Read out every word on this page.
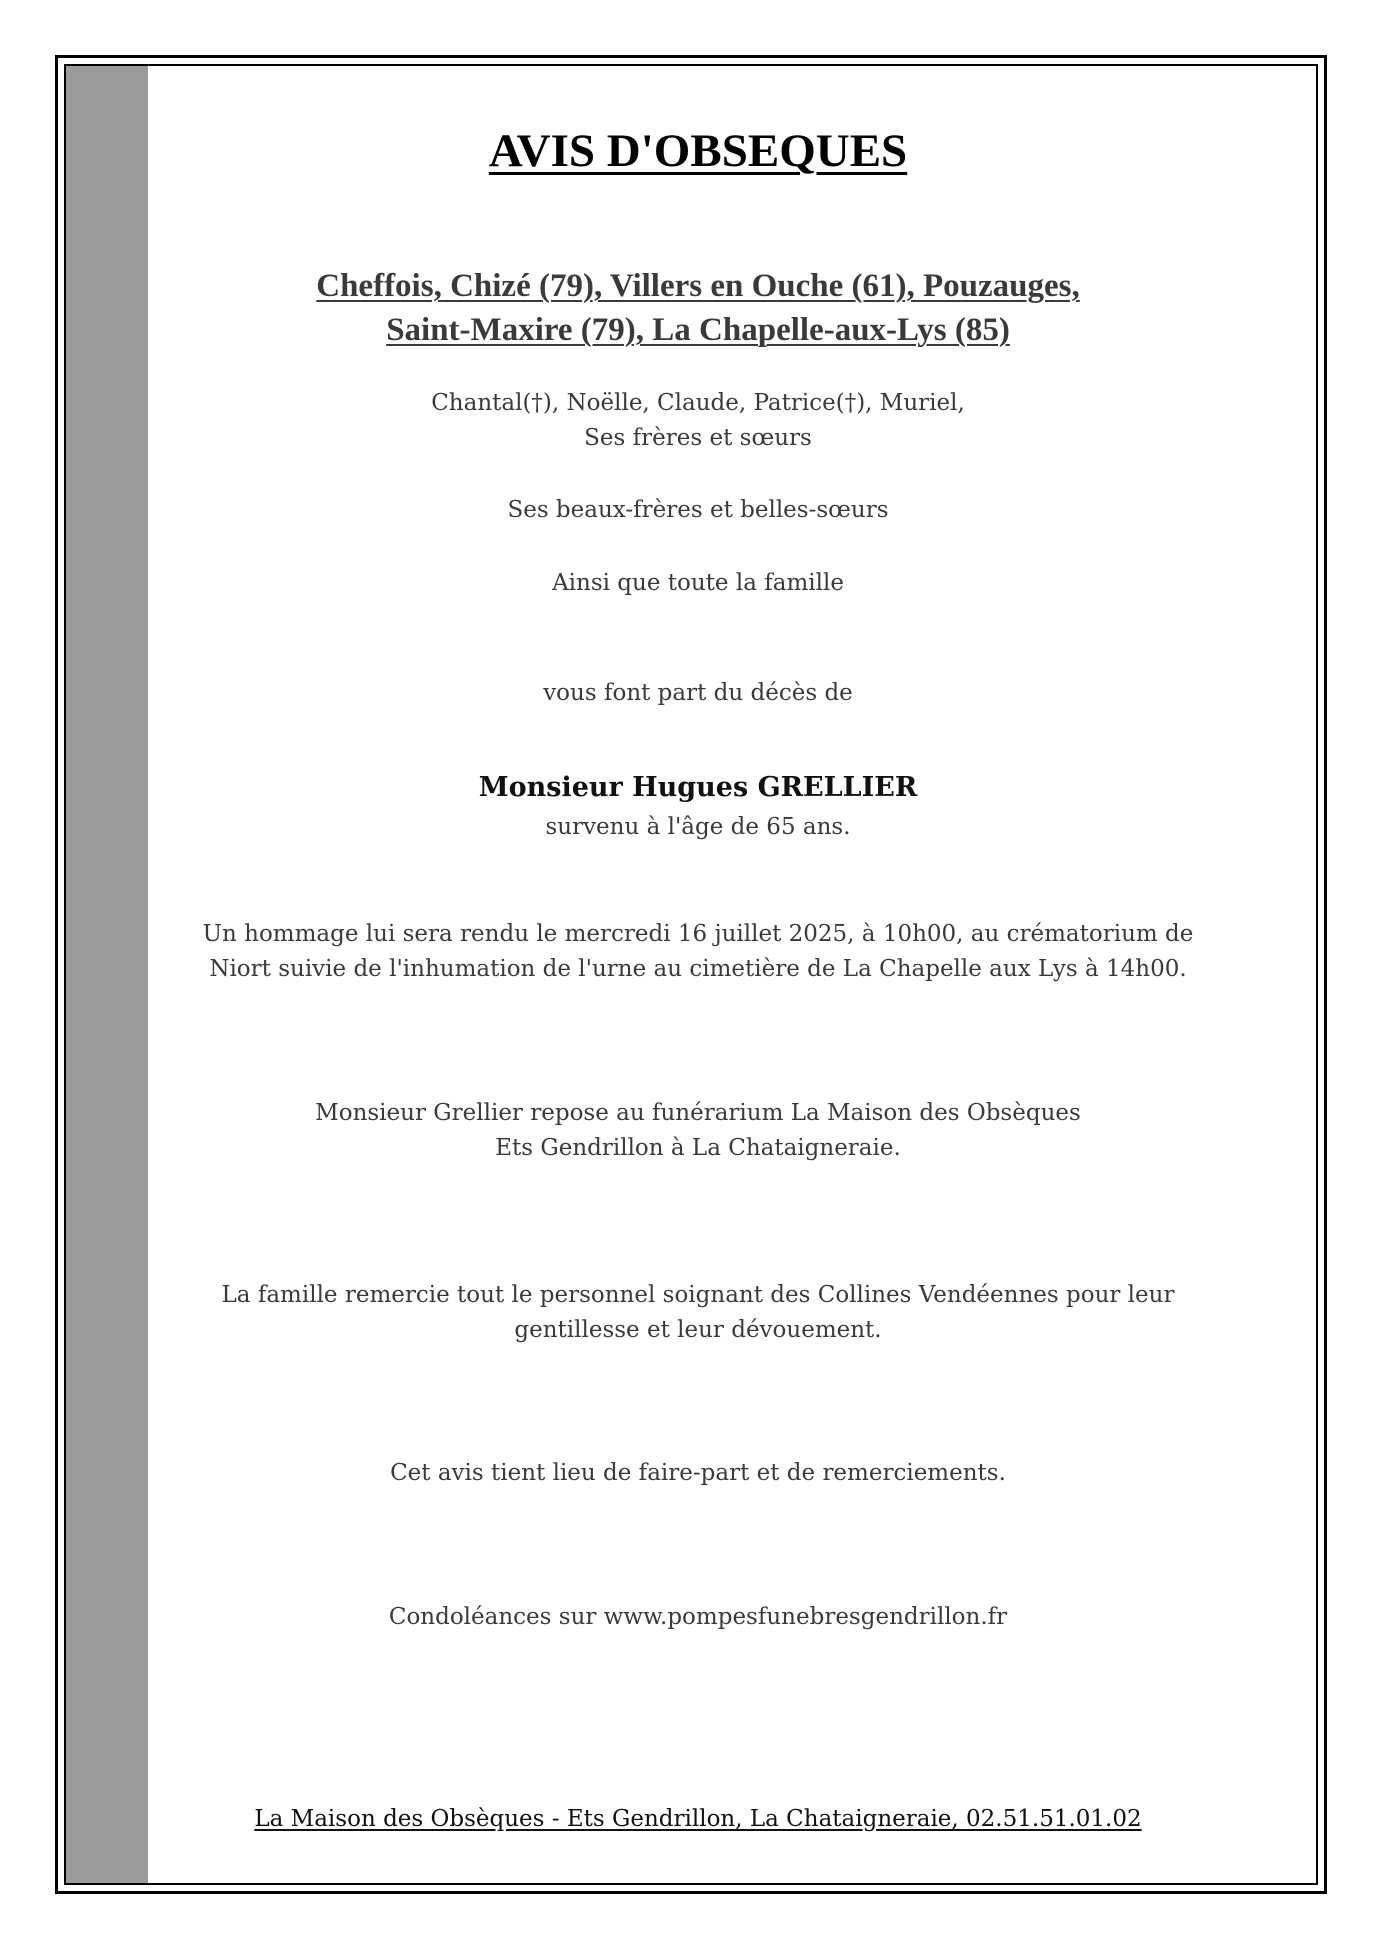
AVIS D'OBSEQUES
Cheffois, Chizé (79), Villers en Ouche (61), Pouzauges,
Saint-Maxire (79), La Chapelle-aux-Lys (85)
Chantal(†), Noëlle, Claude, Patrice(†), Muriel,
Ses frères et sœurs
Ses beaux-frères et belles-sœurs
Ainsi que toute la famille
vous font part du décès de
Monsieur Hugues GRELLIER
survenu à l'âge de 65 ans.
Un hommage lui sera rendu le mercredi 16 juillet 2025, à 10h00, au crématorium de
Niort suivie de l'inhumation de l'urne au cimetière de La Chapelle aux Lys à 14h00.
Monsieur Grellier repose au funérarium La Maison des Obsèques
Ets Gendrillon à La Chataigneraie.
La famille remercie tout le personnel soignant des Collines Vendéennes pour leur
gentillesse et leur dévouement.
Cet avis tient lieu de faire-part et de remerciements.
Condoléances sur www.pompesfunebresgendrillon.fr
La Maison des Obsèques - Ets Gendrillon, La Chataigneraie, 02.51.51.01.02
